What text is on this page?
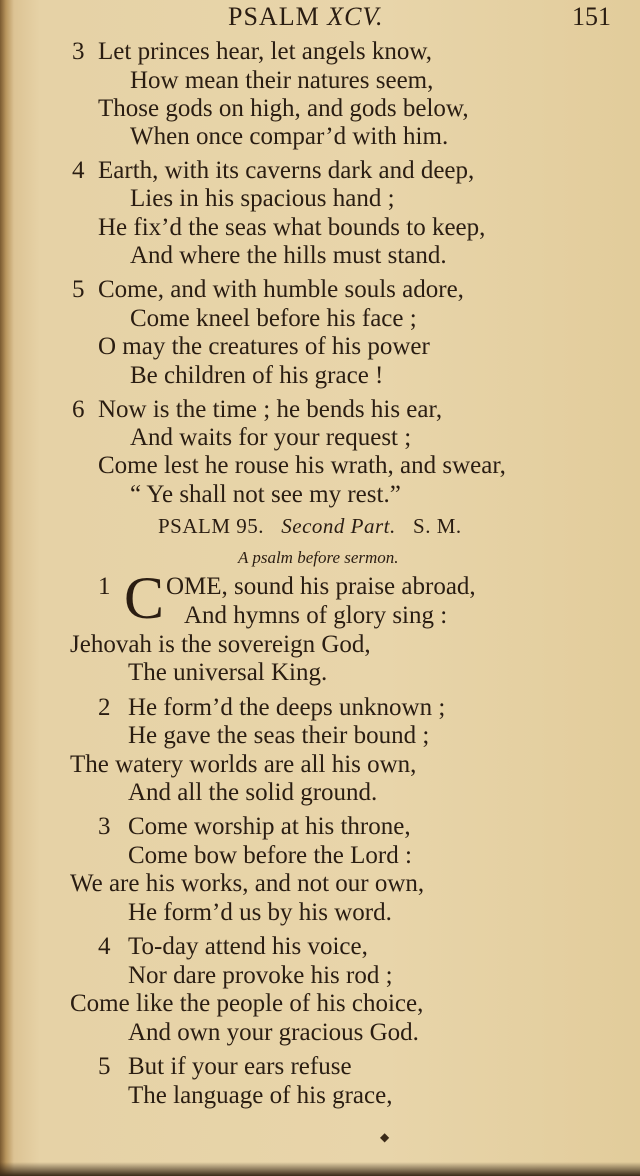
PSALM XCV.	151
3 Let princes hear, let angels know,
How mean their natures seem,
Those gods on high, and gods below,
When once compar’d with him.
4 Earth, with its caverns dark and deep,
Lies in his spacious hand ;
He fix’d the seas what bounds to keep,
And where the hills must stand.
5 Come, and with humble souls adore,
Come kneel before his face ;
O may the creatures of his power
Be children of his grace !
6 Now is the time ; he bends his ear,
And waits for your request ;
Come lest he rouse his wrath, and swear,
“ Ye shall not see my rest.”
PSALM 95. Second Part. S. M.
A psalm before sermon.
1 C OME, sound his praise abroad,
And hymns of glory sing :
Jehovah is the sovereign God,
The universal King.
2 He form’d the deeps unknown ;
He gave the seas their bound ;
The watery worlds are all his own,
And all the solid ground.
3 Come worship at his throne,
Come bow before the Lord :
We are his works, and not our own,
He form’d us by his word.
4 To-day attend his voice,
Nor dare provoke his rod ;
Come like the people of his choice,
And own your gracious God.
5 But if your ears refuse
The language of his grace,
◆
